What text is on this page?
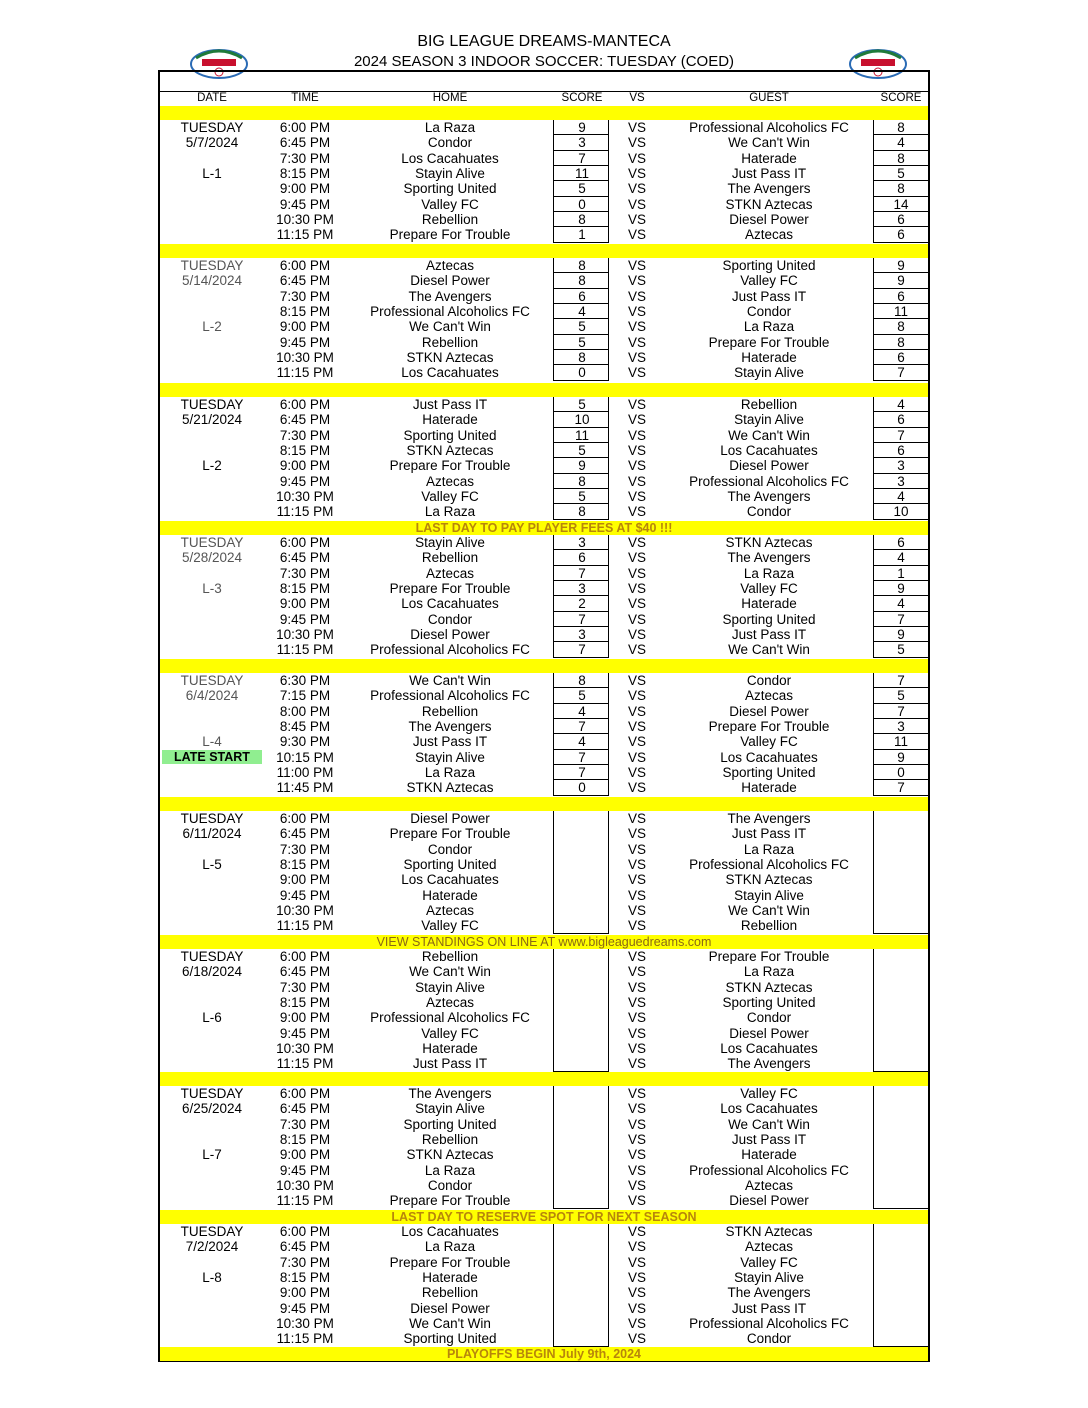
BIG LEAGUE DREAMS-MANTECA
2024 SEASON 3 INDOOR SOCCER: TUESDAY (COED)
DATE	TIME	HOME	SCORE	VS	GUEST	SCORE
TUESDAY
5/7/2024
L-1
6:00 PM	La Raza	9	VS	Professional Alcoholics FC	8
6:45 PM	Condor	3	VS	We Can't Win	4
7:30 PM	Los Cacahuates	7	VS	Haterade	8
8:15 PM	Stayin Alive	11	VS	Just Pass IT	5
9:00 PM	Sporting United	5	VS	The Avengers	8
9:45 PM	Valley FC	0	VS	STKN Aztecas	14
10:30 PM	Rebellion	8	VS	Diesel Power	6
11:15 PM	Prepare For Trouble	1	VS	Aztecas	6
TUESDAY
5/14/2024
L-2
6:00 PM	Aztecas	8	VS	Sporting United	9
6:45 PM	Diesel Power	8	VS	Valley FC	9
7:30 PM	The Avengers	6	VS	Just Pass IT	6
8:15 PM	Professional Alcoholics FC	4	VS	Condor	11
9:00 PM	We Can't Win	5	VS	La Raza	8
9:45 PM	Rebellion	5	VS	Prepare For Trouble	8
10:30 PM	STKN Aztecas	8	VS	Haterade	6
11:15 PM	Los Cacahuates	0	VS	Stayin Alive	7
TUESDAY
5/21/2024
L-2
6:00 PM	Just Pass IT	5	VS	Rebellion	4
6:45 PM	Haterade	10	VS	Stayin Alive	6
7:30 PM	Sporting United	11	VS	We Can't Win	7
8:15 PM	STKN Aztecas	5	VS	Los Cacahuates	6
9:00 PM	Prepare For Trouble	9	VS	Diesel Power	3
9:45 PM	Aztecas	8	VS	Professional Alcoholics FC	3
10:30 PM	Valley FC	5	VS	The Avengers	4
11:15 PM	La Raza	8	VS	Condor	10
LAST DAY TO PAY PLAYER FEES AT $40 !!!
TUESDAY
5/28/2024
L-3
6:00 PM	Stayin Alive	3	VS	STKN Aztecas	6
6:45 PM	Rebellion	6	VS	The Avengers	4
7:30 PM	Aztecas	7	VS	La Raza	1
8:15 PM	Prepare For Trouble	3	VS	Valley FC	9
9:00 PM	Los Cacahuates	2	VS	Haterade	4
9:45 PM	Condor	7	VS	Sporting United	7
10:30 PM	Diesel Power	3	VS	Just Pass IT	9
11:15 PM	Professional Alcoholics FC	7	VS	We Can't Win	5
TUESDAY
6/4/2024
L-4
LATE START
6:30 PM	We Can't Win	8	VS	Condor	7
7:15 PM	Professional Alcoholics FC	5	VS	Aztecas	5
8:00 PM	Rebellion	4	VS	Diesel Power	7
8:45 PM	The Avengers	7	VS	Prepare For Trouble	3
9:30 PM	Just Pass IT	4	VS	Valley FC	11
10:15 PM	Stayin Alive	7	VS	Los Cacahuates	9
11:00 PM	La Raza	7	VS	Sporting United	0
11:45 PM	STKN Aztecas	0	VS	Haterade	7
TUESDAY
6/11/2024
L-5
6:00 PM	Diesel Power	VS	The Avengers
6:45 PM	Prepare For Trouble	VS	Just Pass IT
7:30 PM	Condor	VS	La Raza
8:15 PM	Sporting United	VS	Professional Alcoholics FC
9:00 PM	Los Cacahuates	VS	STKN Aztecas
9:45 PM	Haterade	VS	Stayin Alive
10:30 PM	Aztecas	VS	We Can't Win
11:15 PM	Valley FC	VS	Rebellion
VIEW STANDINGS ON LINE AT www.bigleaguedreams.com
TUESDAY
6/18/2024
L-6
6:00 PM	Rebellion	VS	Prepare For Trouble
6:45 PM	We Can't Win	VS	La Raza
7:30 PM	Stayin Alive	VS	STKN Aztecas
8:15 PM	Aztecas	VS	Sporting United
9:00 PM	Professional Alcoholics FC	VS	Condor
9:45 PM	Valley FC	VS	Diesel Power
10:30 PM	Haterade	VS	Los Cacahuates
11:15 PM	Just Pass IT	VS	The Avengers
TUESDAY
6/25/2024
L-7
6:00 PM	The Avengers	VS	Valley FC
6:45 PM	Stayin Alive	VS	Los Cacahuates
7:30 PM	Sporting United	VS	We Can't Win
8:15 PM	Rebellion	VS	Just Pass IT
9:00 PM	STKN Aztecas	VS	Haterade
9:45 PM	La Raza	VS	Professional Alcoholics FC
10:30 PM	Condor	VS	Aztecas
11:15 PM	Prepare For Trouble	VS	Diesel Power
LAST DAY TO RESERVE SPOT FOR NEXT SEASON
TUESDAY
7/2/2024
L-8
6:00 PM	Los Cacahuates	VS	STKN Aztecas
6:45 PM	La Raza	VS	Aztecas
7:30 PM	Prepare For Trouble	VS	Valley FC
8:15 PM	Haterade	VS	Stayin Alive
9:00 PM	Rebellion	VS	The Avengers
9:45 PM	Diesel Power	VS	Just Pass IT
10:30 PM	We Can't Win	VS	Professional Alcoholics FC
11:15 PM	Sporting United	VS	Condor
PLAYOFFS BEGIN July 9th, 2024
